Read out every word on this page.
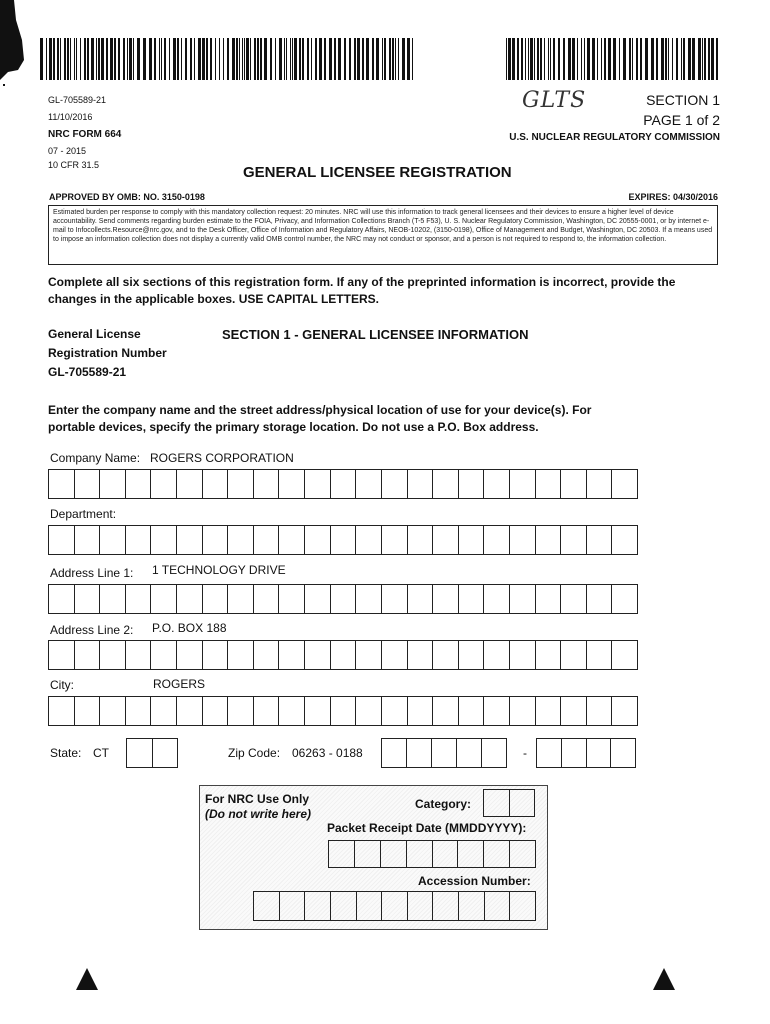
GL-705589-21
11/10/2016
NRC FORM 664
07 - 2015
10 CFR 31.5
GLTS	SECTION 1
PAGE 1 of 2
U.S. NUCLEAR REGULATORY COMMISSION
GENERAL LICENSEE REGISTRATION
APPROVED BY OMB: NO. 3150-0198	EXPIRES: 04/30/2016
Estimated burden per response to comply with this mandatory collection request: 20 minutes. NRC will use this information to track general licensees and their devices to ensure a higher level of device accountability. Send comments regarding burden estimate to the FOIA, Privacy, and Information Collections Branch (T-5 F53), U. S. Nuclear Regulatory Commission, Washington, DC 20555-0001, or by internet e-mail to Infocollects.Resource@nrc.gov, and to the Desk Officer, Office of Information and Regulatory Affairs, NEOB-10202, (3150-0198), Office of Management and Budget, Washington, DC 20503. If a means used to impose an information collection does not display a currently valid OMB control number, the NRC may not conduct or sponsor, and a person is not required to respond to, the information collection.
Complete all six sections of this registration form. If any of the preprinted information is incorrect, provide the
changes in the applicable boxes. USE CAPITAL LETTERS.
General License
Registration Number
GL-705589-21
SECTION 1 - GENERAL LICENSEE INFORMATION
Enter the company name and the street address/physical location of use for your device(s). For
portable devices, specify the primary storage location. Do not use a P.O. Box address.
Company Name: ROGERS CORPORATION
Department:
Address Line 1: 1 TECHNOLOGY DRIVE
Address Line 2: P.O. BOX 188
City:	ROGERS
State: CT	Zip Code: 06263 - 0188	-
For NRC Use Only
(Do not write here)
Category:
Packet Receipt Date (MMDDYYYY):
Accession Number:
